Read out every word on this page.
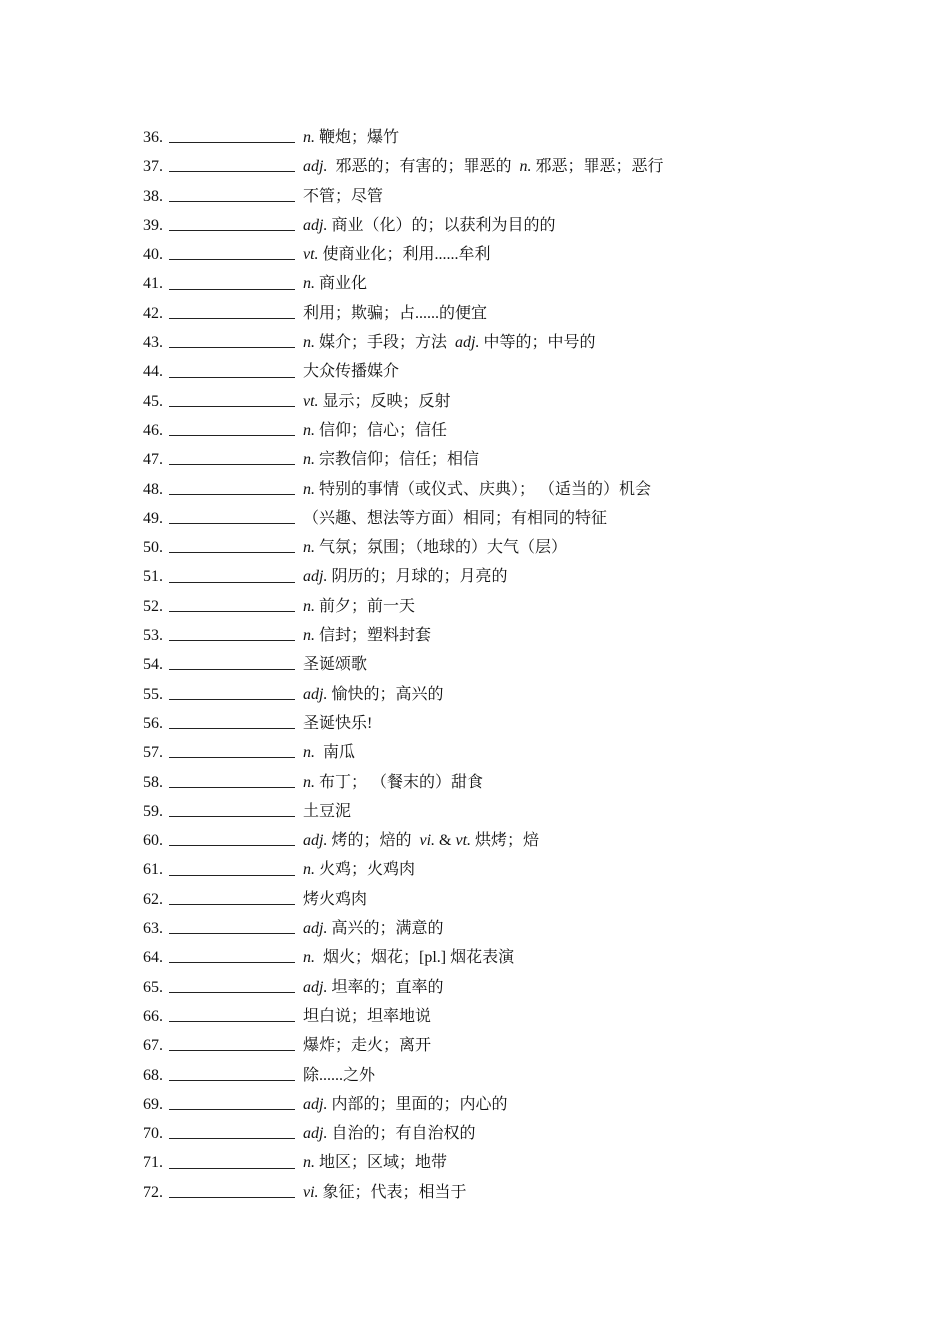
36.	n. 鞭炮；爆竹
37.	adj.  邪恶的；有害的；罪恶的  n. 邪恶；罪恶；恶行
38.	不管；尽管
39.	adj. 商业（化）的；以获利为目的的
40.	vt. 使商业化；利用......牟利
41.	n. 商业化
42.	利用；欺骗；占......的便宜
43.	n. 媒介；手段；方法  adj. 中等的；中号的
44.	大众传播媒介
45.	vt. 显示；反映；反射
46.	n. 信仰；信心；信任
47.	n. 宗教信仰；信任；相信
48.	n. 特别的事情（或仪式、庆典）； （适当的）机会
49.	（兴趣、想法等方面）相同；有相同的特征
50.	n. 气氛；氛围；（地球的）大气（层）
51.	adj. 阴历的；月球的；月亮的
52.	n. 前夕；前一天
53.	n. 信封；塑料封套
54.	圣诞颂歌
55.	adj. 愉快的；高兴的
56.	圣诞快乐!
57.	n.  南瓜
58.	n. 布丁； （餐末的）甜食
59.	土豆泥
60.	adj. 烤的；焙的  vi. & vt. 烘烤；焙
61.	n. 火鸡；火鸡肉
62.	烤火鸡肉
63.	adj. 高兴的；满意的
64.	n.  烟火；烟花；[pl.] 烟花表演
65.	adj. 坦率的；直率的
66.	坦白说；坦率地说
67.	爆炸；走火；离开
68.	除......之外
69.	adj. 内部的；里面的；内心的
70.	adj. 自治的；有自治权的
71.	n. 地区；区域；地带
72.	vi. 象征；代表；相当于
